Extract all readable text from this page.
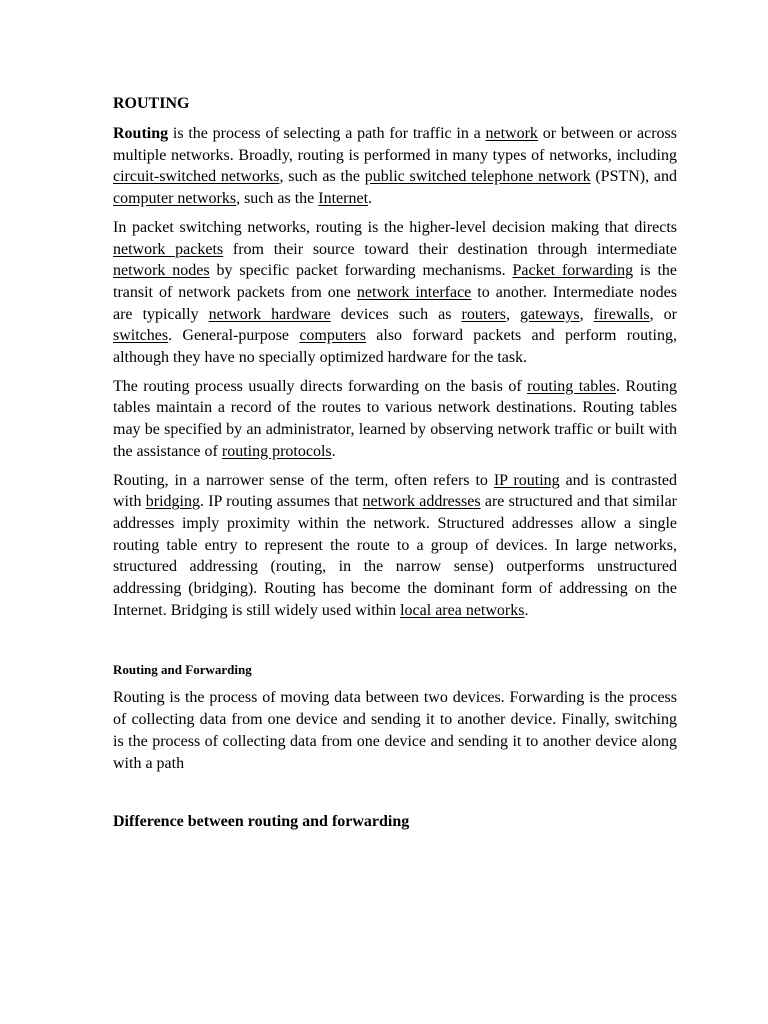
ROUTING

Routing is the process of selecting a path for traffic in a network or between or across multiple networks. Broadly, routing is performed in many types of networks, including circuit-switched networks, such as the public switched telephone network (PSTN), and computer networks, such as the Internet.

In packet switching networks, routing is the higher-level decision making that directs network packets from their source toward their destination through intermediate network nodes by specific packet forwarding mechanisms. Packet forwarding is the transit of network packets from one network interface to another. Intermediate nodes are typically network hardware devices such as routers, gateways, firewalls, or switches. General-purpose computers also forward packets and perform routing, although they have no specially optimized hardware for the task.

The routing process usually directs forwarding on the basis of routing tables. Routing tables maintain a record of the routes to various network destinations. Routing tables may be specified by an administrator, learned by observing network traffic or built with the assistance of routing protocols.

Routing, in a narrower sense of the term, often refers to IP routing and is contrasted with bridging. IP routing assumes that network addresses are structured and that similar addresses imply proximity within the network. Structured addresses allow a single routing table entry to represent the route to a group of devices. In large networks, structured addressing (routing, in the narrow sense) outperforms unstructured addressing (bridging). Routing has become the dominant form of addressing on the Internet. Bridging is still widely used within local area networks.

Routing and Forwarding

Routing is the process of moving data between two devices. Forwarding is the process of collecting data from one device and sending it to another device. Finally, switching is the process of collecting data from one device and sending it to another device along with a path

Difference between routing and forwarding
